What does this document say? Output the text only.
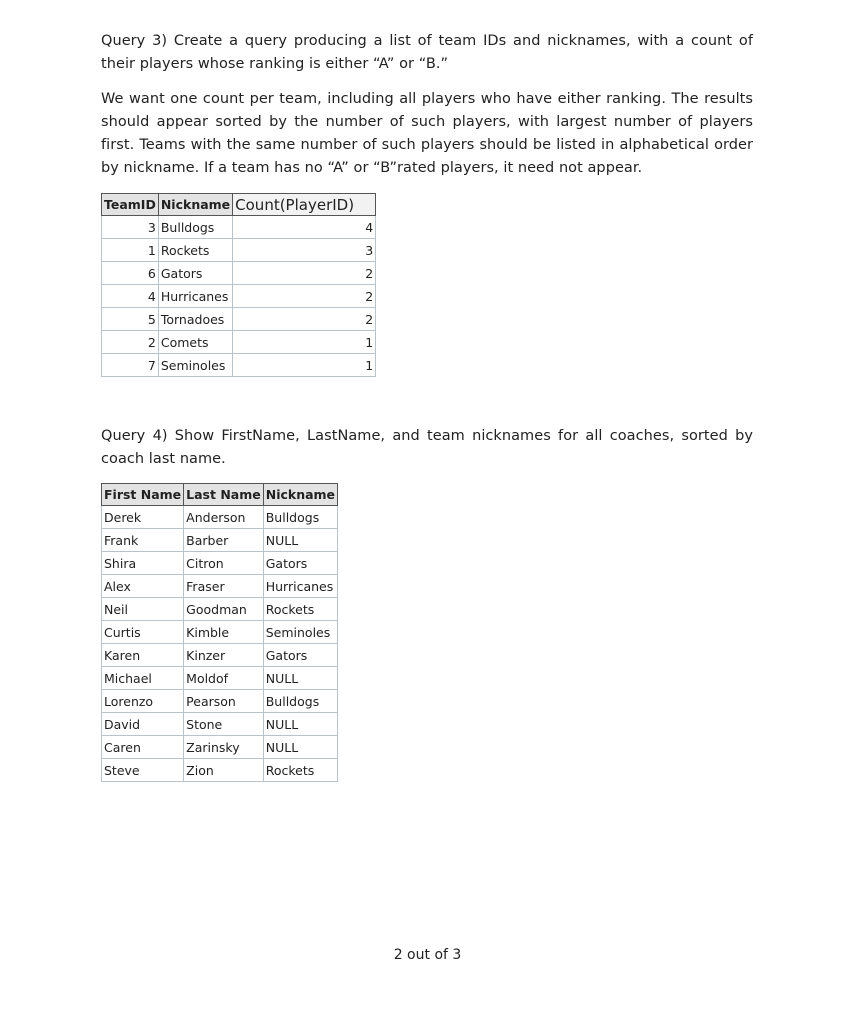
Query 3) Create a query producing a list of team IDs and nicknames, with a count of their players whose ranking is either “A” or “B.”

We want one count per team, including all players who have either ranking. The results should appear sorted by the number of such players, with largest number of players first. Teams with the same number of such players should be listed in alphabetical order by nickname. If a team has no “A” or “B”rated players, it need not appear.

TeamID	Nickname	Count(PlayerID)
3	Bulldogs	4
1	Rockets	3
6	Gators	2
4	Hurricanes	2
5	Tornadoes	2
2	Comets	1
7	Seminoles	1

Query 4) Show FirstName, LastName, and team nicknames for all coaches, sorted by coach last name.

First Name	Last Name	Nickname
Derek	Anderson	Bulldogs
Frank	Barber	NULL
Shira	Citron	Gators
Alex	Fraser	Hurricanes
Neil	Goodman	Rockets
Curtis	Kimble	Seminoles
Karen	Kinzer	Gators
Michael	Moldof	NULL
Lorenzo	Pearson	Bulldogs
David	Stone	NULL
Caren	Zarinsky	NULL
Steve	Zion	Rockets
2 out of 3
